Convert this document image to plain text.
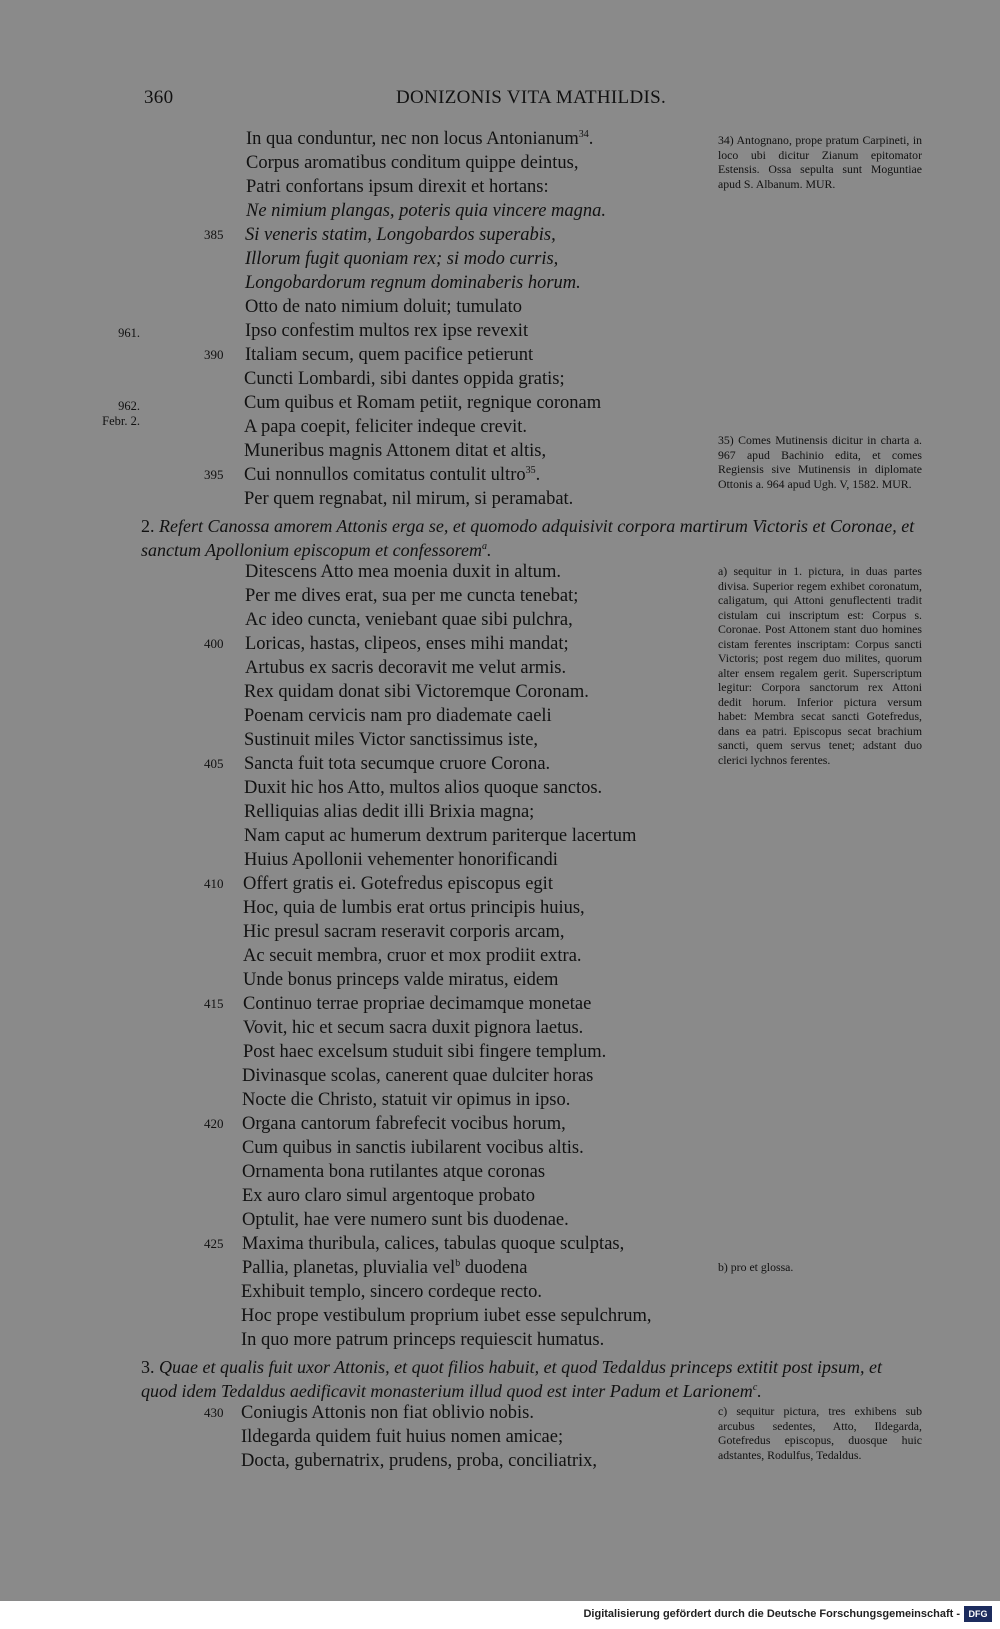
360	DONIZONIS VITA MATHILDIS.
In qua conduntur, nec non locus Antonianum$^{34}$.
Corpus aromatibus conditum quippe deintus,
Patri confortans ipsum direxit et hortans:
Ne nimium plangas, poteris quia vincere magna.
Si veneris statim, Longobardos superabis,
385
Illorum fugit quoniam rex; si modo curris,
Longobardorum regnum dominaberis horum.
Otto de nato nimium doluit; tumulato
Ipso confestim multos rex ipse revexit
Italiam secum, quem pacifice petierunt
390
Cuncti Lombardi, sibi dantes oppida gratis;
Cum quibus et Romam petiit, regnique coronam
A papa coepit, feliciter indeque crevit.
Muneribus magnis Attonem ditat et altis,
Cui nonnullos comitatus contulit ultro$^{35}$.
395
Per quem regnabat, nil mirum, si peramabat.
Ditescens Atto mea moenia duxit in altum.
Per me dives erat, sua per me cuncta tenebat;
Ac ideo cuncta, veniebant quae sibi pulchra,
Loricas, hastas, clipeos, enses mihi mandat;
400
Artubus ex sacris decoravit me velut armis.
Rex quidam donat sibi Victoremque Coronam.
Poenam cervicis nam pro diademate caeli
Sustinuit miles Victor sanctissimus iste,
Sancta fuit tota secumque cruore Corona.
405
Duxit hic hos Atto, multos alios quoque sanctos.
Relliquias alias dedit illi Brixia magna;
Nam caput ac humerum dextrum pariterque lacertum
Huius Apollonii vehementer honorificandi
Offert gratis ei. Gotefredus episcopus egit
410
Hoc, quia de lumbis erat ortus principis huius,
Hic presul sacram reseravit corporis arcam,
Ac secuit membra, cruor et mox prodiit extra.
Unde bonus princeps valde miratus, eidem
Continuo terrae propriae decimamque monetae
415
Vovit, hic et secum sacra duxit pignora laetus.
Post haec excelsum studuit sibi fingere templum.
Divinasque scolas, canerent quae dulciter horas
Nocte die Christo, statuit vir opimus in ipso.
Organa cantorum fabrefecit vocibus horum,
420
Cum quibus in sanctis iubilarent vocibus altis.
Ornamenta bona rutilantes atque coronas
Ex auro claro simul argentoque probato
Optulit, hae vere numero sunt bis duodenae.
Maxima thuribula, calices, tabulas quoque sculptas,
425
Pallia, planetas, pluvialia vel$^b$ duodena
Exhibuit templo, sincero cordeque recto.
Hoc prope vestibulum proprium iubet esse sepulchrum,
In quo more patrum princeps requiescit humatus.
Coniugis Attonis non fiat oblivio nobis.
430
Ildegarda quidem fuit huius nomen amicae;
Docta, gubernatrix, prudens, proba, conciliatrix,
961.
962.
Febr. 2.
2. Refert Canossa amorem Attonis erga se, et quomodo adquisivit corpora martirum Victoris et Coronae, et sanctum Apollonium episcopum et confessorem$^a$.
3. Quae et qualis fuit uxor Attonis, et quot filios habuit, et quod Tedaldus princeps extitit post ipsum, et quod idem Tedaldus aedificavit monasterium illud quod est inter Padum et Larionem$^c$.
34) Antognano, prope pratum Carpineti, in loco ubi dicitur Zianum epitomator Estensis. Ossa sepulta sunt Moguntiae apud S. Albanum. MUR.
35) Comes Mutinensis dicitur in charta a. 967 apud Bachinio edita, et comes Regiensis sive Mutinensis in diplomate Ottonis a. 964 apud Ugh. V, 1582. MUR.
a) sequitur in 1. pictura, in duas partes divisa. Superior regem exhibet coronatum, caligatum, qui Attoni genuflectenti tradit cistulam cui inscriptum est: Corpus s. Coronae. Post Attonem stant duo homines cistam ferentes inscriptam: Corpus sancti Victoris; post regem duo milites, quorum alter ensem regalem gerit. Superscriptum legitur: Corpora sanctorum rex Attoni dedit horum. Inferior pictura versum habet: Membra secat sancti Gotefredus, dans ea patri. Episcopus secat brachium sancti, quem servus tenet; adstant duo clerici lychnos ferentes.
b) pro et glossa.
c) sequitur pictura, tres exhibens sub arcubus sedentes, Atto, Ildegarda, Gotefredus episcopus, duosque huic adstantes, Rodulfus, Tedaldus.
Digitalisierung gefördert durch die Deutsche Forschungsgemeinschaft - DFG
